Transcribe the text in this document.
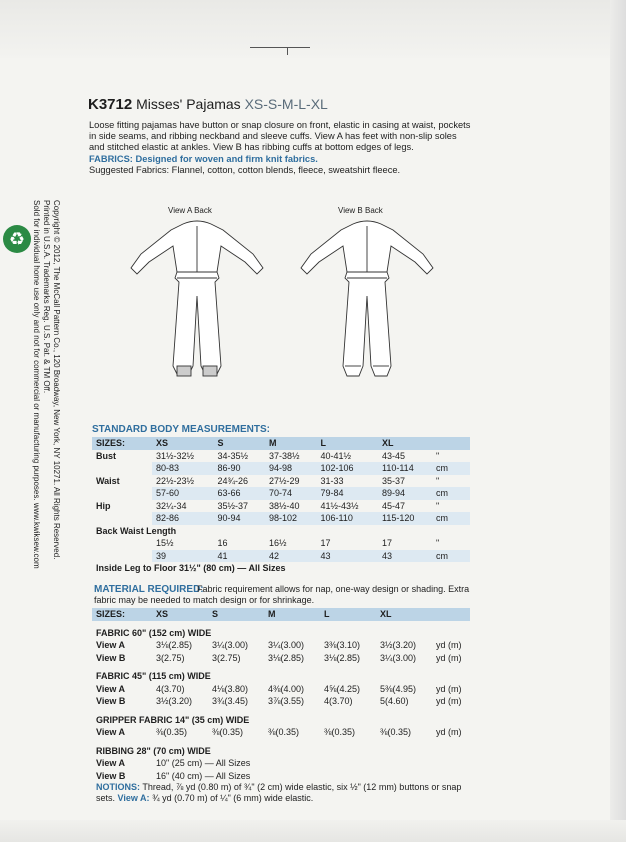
K3712 Misses' Pajamas XS-S-M-L-XL

Loose fitting pajamas have button or snap closure on front, elastic in casing at waist, pockets in side seams, and ribbing neckband and sleeve cuffs. View A has feet with non-slip soles and stitched elastic at ankles. View B has ribbing cuffs at bottom edges of legs.

FABRICS: Designed for woven and firm knit fabrics.

Suggested Fabrics: Flannel, cotton, cotton blends, fleece, sweatshirt fleece.

View A Back	View B Back
♻	Copyright © 2012, The McCall Pattern Co., 120 Broadway, New York, NY 10271. All Rights Reserved.
Printed in U.S.A. Trademarks Reg. U.S. Pat. & TM Off.
Sold for individual home use only and not for commercial or manufacturing purposes. www.kwiksew.com	STANDARD BODY MEASUREMENTS:
SIZES:	XS	S	M	L	XL	
Bust	31½-32½	34-35½	37-38½	40-41½	43-45	"
	80-83	86-90	94-98	102-106	110-114	cm
Waist	22½-23½	24¾-26	27½-29	31-33	35-37	"
	57-60	63-66	70-74	79-84	89-94	cm
Hip	32¼-34	35½-37	38½-40	41½-43½	45-47	"
	82-86	90-94	98-102	106-110	115-120	cm
Back Waist Length						
	15½	16	16½	17	17	"
	39	41	42	43	43	cm
Inside Leg to Floor 31½" (80 cm) — All Sizes						
MATERIAL REQUIRED:
Fabric requirement allows for nap, one-way design or shading. Extra fabric may be needed to match design or for shrinkage.
SIZES:	XS	S	M	L	XL	

FABRIC 60" (152 cm) WIDE						
View A	3⅛(2.85)	3¼(3.00)	3¼(3.00)	3⅜(3.10)	3½(3.20)	yd (m)
View B	3(2.75)	3(2.75)	3⅛(2.85)	3⅛(2.85)	3¼(3.00)	yd (m)

FABRIC 45" (115 cm) WIDE						
View A	4(3.70)	4⅛(3.80)	4⅜(4.00)	4⅝(4.25)	5⅜(4.95)	yd (m)
View B	3½(3.20)	3¾(3.45)	3⅞(3.55)	4(3.70)	5(4.60)	yd (m)

GRIPPER FABRIC 14" (35 cm) WIDE						
View A	⅜(0.35)	⅜(0.35)	⅜(0.35)	⅜(0.35)	⅜(0.35)	yd (m)

RIBBING 28" (70 cm) WIDE						
View A	10" (25 cm) — All Sizes					
View B	16" (40 cm) — All Sizes					
NOTIONS: Thread, ⅞ yd (0.80 m) of ¾" (2 cm) wide elastic, six ½" (12 mm) buttons or snap sets. View A: ¾ yd (0.70 m) of ¼" (6 mm) wide elastic.
